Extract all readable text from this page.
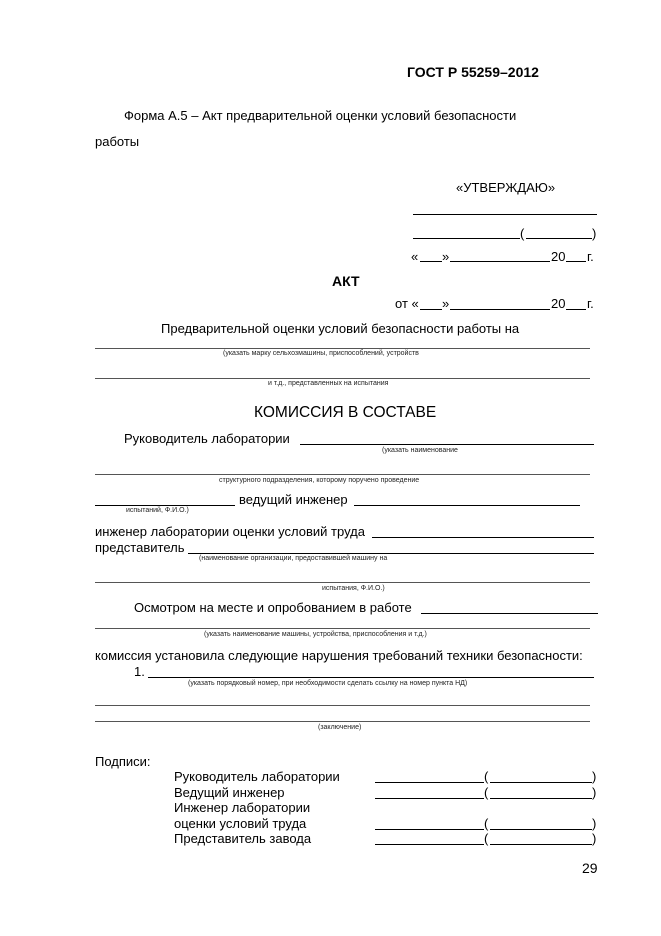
ГОСТ Р 55259–2012
Форма А.5 – Акт предварительной оценки условий безопасности
работы
«УТВЕРЖДАЮ»
(	)
« »	20 г.
АКТ
от « »	20 г.
Предварительной оценки условий безопасности работы на
(указать марку сельхозмашины, приспособлений, устройств
и т.д., представленных на испытания
КОМИССИЯ В СОСТАВЕ
Руководитель лаборатории
(указать наименование
структурного подразделения, которому поручено проведение
ведущий инженер
испытаний, Ф.И.О.)
инженер лаборатории оценки условий труда
представитель
(наименование организации, предоставившей машину на
испытания, Ф.И.О.)
Осмотром на месте и опробованием в работе
(указать наименование машины, устройства, приспособления и т.д.)
комиссия установила следующие нарушения требований техники безопасности:
1.
(указать порядковый номер, при необходимости сделать ссылку на номер пункта НД)
(заключение)
Подписи:
Руководитель лаборатории	(	)
Ведущий инженер	(	)
Инженер лаборатории
оценки условий труда	(	)
Представитель завода	(	)
29
